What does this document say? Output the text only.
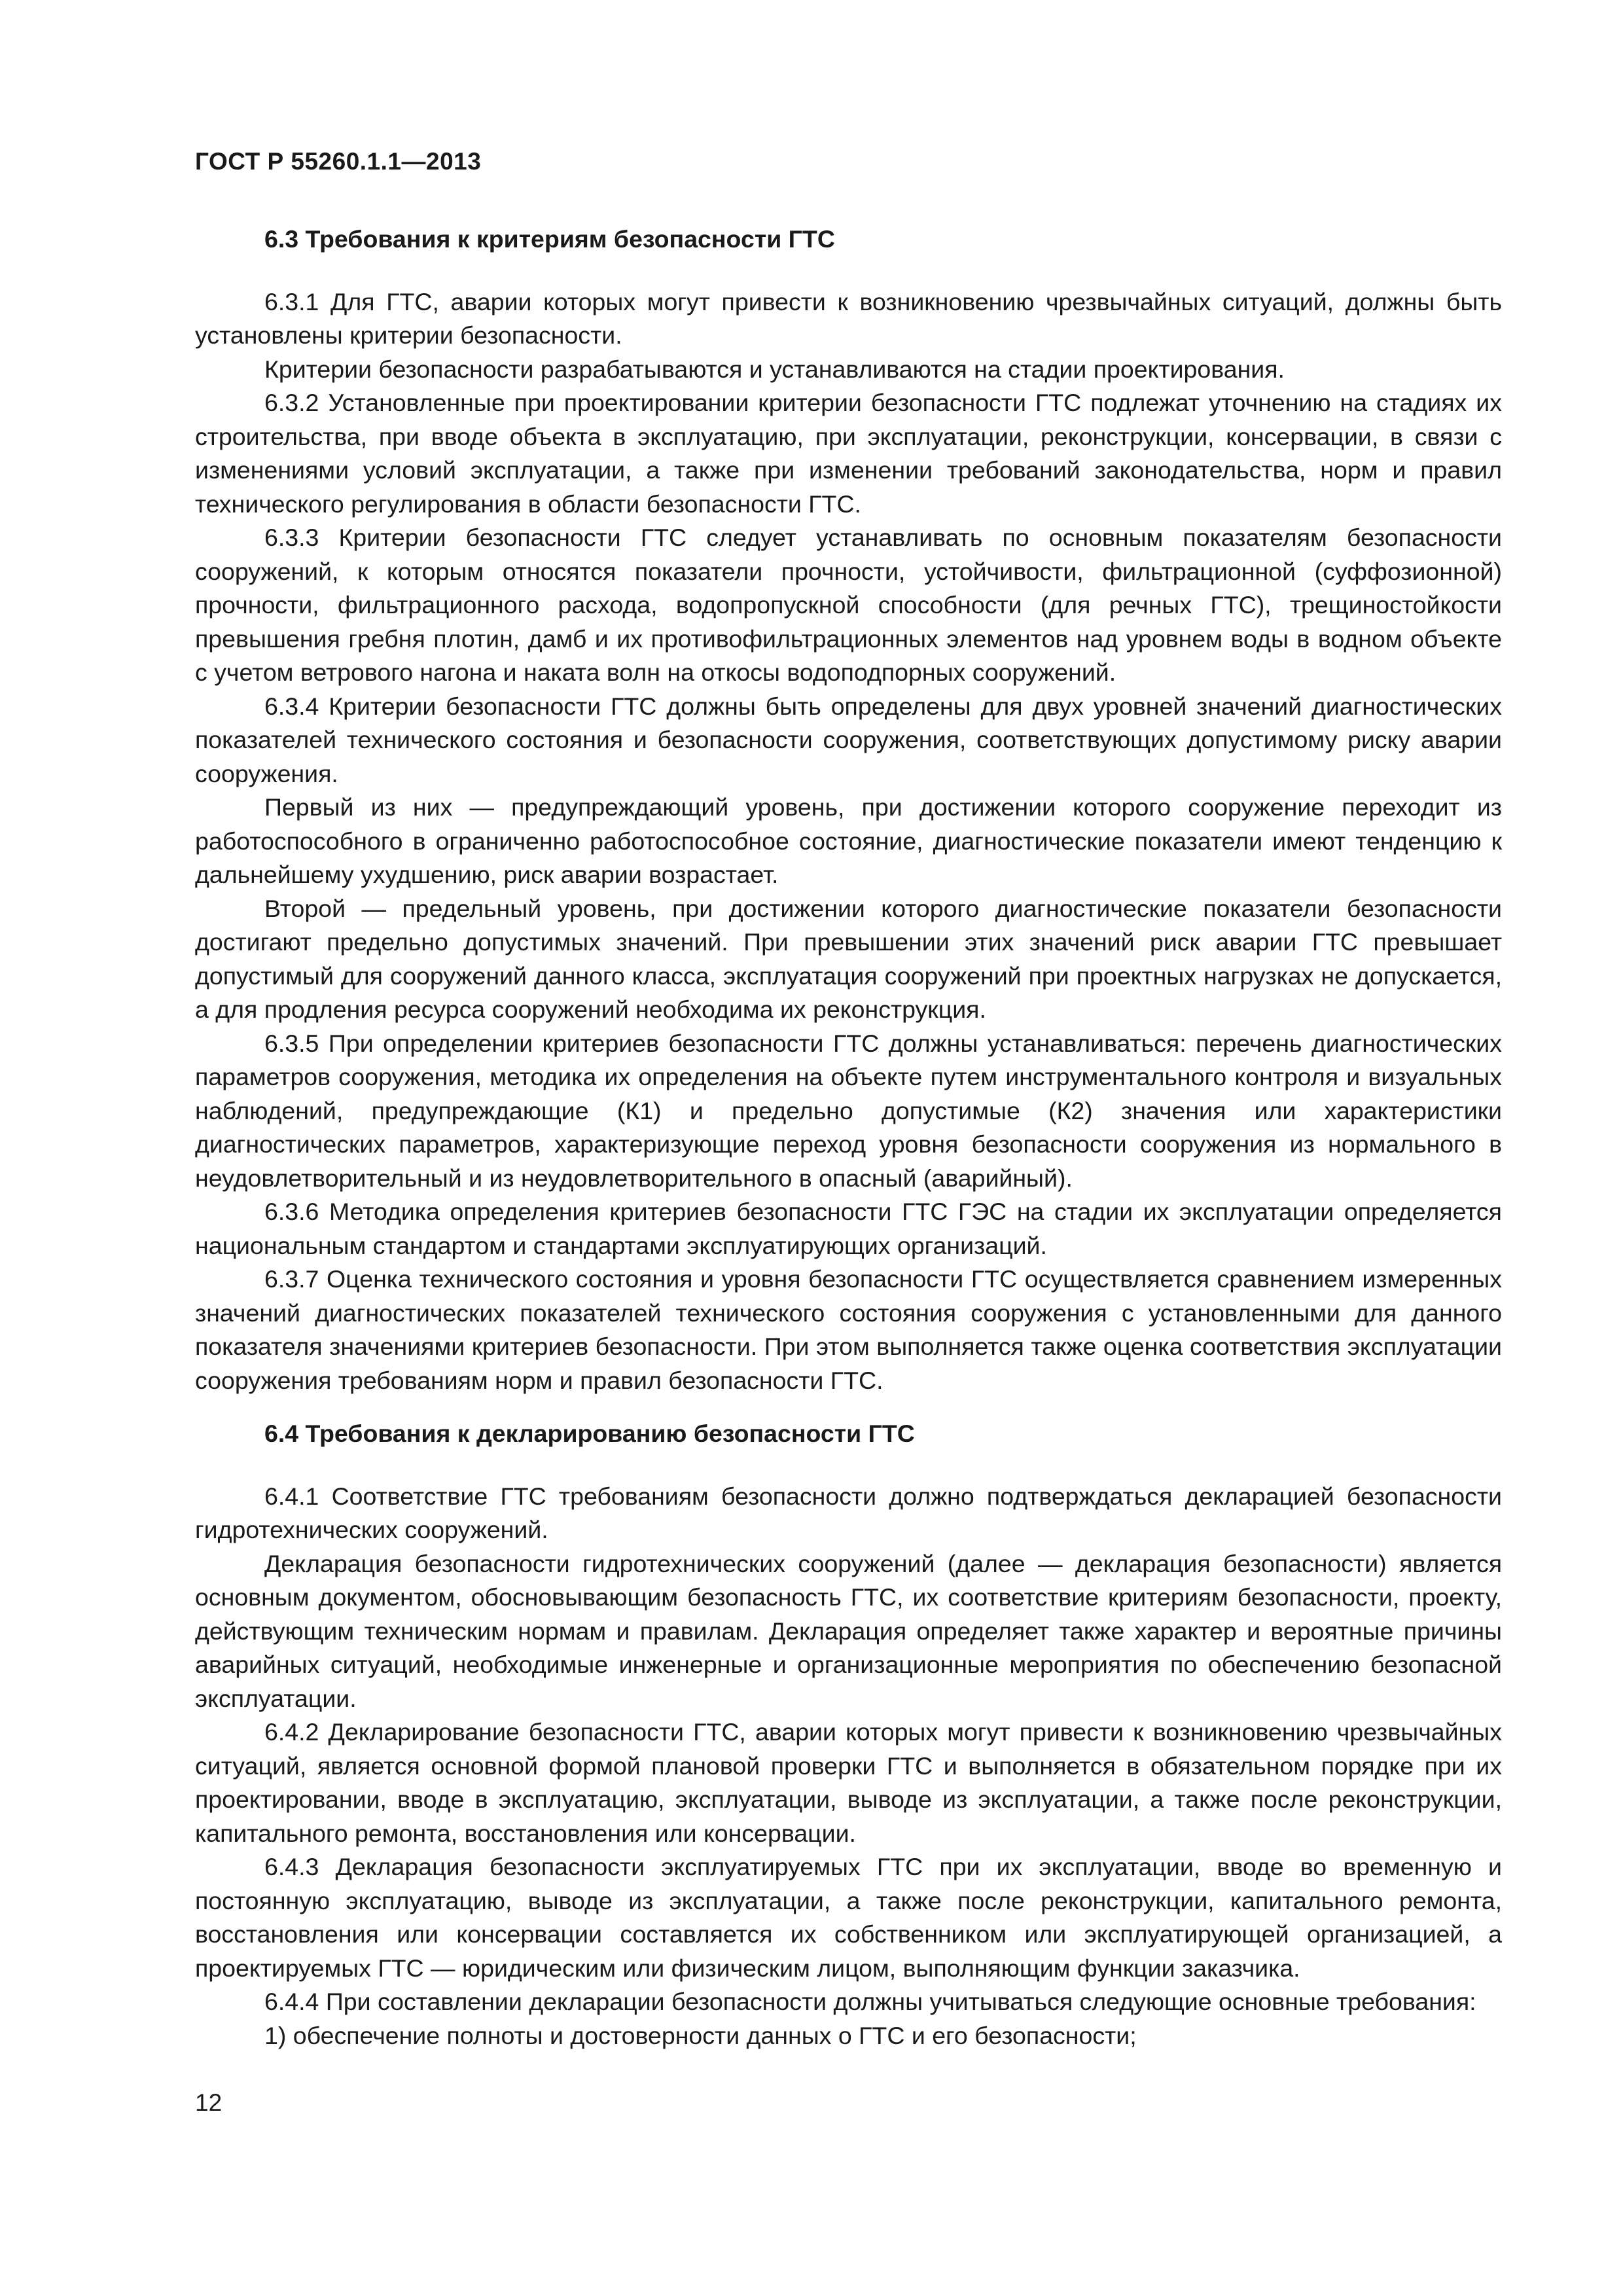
ГОСТ Р 55260.1.1—2013
6.3 Требования к критериям безопасности ГТС

6.3.1 Для ГТС, аварии которых могут привести к возникновению чрезвычайных ситуаций, должны быть установлены критерии безопасности.

Критерии безопасности разрабатываются и устанавливаются на стадии проектирования.

6.3.2 Установленные при проектировании критерии безопасности ГТС подлежат уточнению на стадиях их строительства, при вводе объекта в эксплуатацию, при эксплуатации, реконструкции, консервации, в связи с изменениями условий эксплуатации, а также при изменении требований законодательства, норм и правил технического регулирования в области безопасности ГТС.

6.3.3 Критерии безопасности ГТС следует устанавливать по основным показателям безопасности сооружений, к которым относятся показатели прочности, устойчивости, фильтрационной (суффозионной) прочности, фильтрационного расхода, водопропускной способности (для речных ГТС), трещиностойкости превышения гребня плотин, дамб и их противофильтрационных элементов над уровнем воды в водном объекте с учетом ветрового нагона и наката волн на откосы водоподпорных сооружений.

6.3.4 Критерии безопасности ГТС должны быть определены для двух уровней значений диагностических показателей технического состояния и безопасности сооружения, соответствующих допустимому риску аварии сооружения.

Первый из них — предупреждающий уровень, при достижении которого сооружение переходит из работоспособного в ограниченно работоспособное состояние, диагностические показатели имеют тенденцию к дальнейшему ухудшению, риск аварии возрастает.

Второй — предельный уровень, при достижении которого диагностические показатели безопасности достигают предельно допустимых значений. При превышении этих значений риск аварии ГТС превышает допустимый для сооружений данного класса, эксплуатация сооружений при проектных нагрузках не допускается, а для продления ресурса сооружений необходима их реконструкция.

6.3.5 При определении критериев безопасности ГТС должны устанавливаться: перечень диагностических параметров сооружения, методика их определения на объекте путем инструментального контроля и визуальных наблюдений, предупреждающие (К1) и предельно допустимые (К2) значения или характеристики диагностических параметров, характеризующие переход уровня безопасности сооружения из нормального в неудовлетворительный и из неудовлетворительного в опасный (аварийный).

6.3.6 Методика определения критериев безопасности ГТС ГЭС на стадии их эксплуатации определяется национальным стандартом и стандартами эксплуатирующих организаций.

6.3.7 Оценка технического состояния и уровня безопасности ГТС осуществляется сравнением измеренных значений диагностических показателей технического состояния сооружения с установленными для данного показателя значениями критериев безопасности. При этом выполняется также оценка соответствия эксплуатации сооружения требованиям норм и правил безопасности ГТС.

6.4 Требования к декларированию безопасности ГТС

6.4.1 Соответствие ГТС требованиям безопасности должно подтверждаться декларацией безопасности гидротехнических сооружений.

Декларация безопасности гидротехнических сооружений (далее — декларация безопасности) является основным документом, обосновывающим безопасность ГТС, их соответствие критериям безопасности, проекту, действующим техническим нормам и правилам. Декларация определяет также характер и вероятные причины аварийных ситуаций, необходимые инженерные и организационные мероприятия по обеспечению безопасной эксплуатации.

6.4.2 Декларирование безопасности ГТС, аварии которых могут привести к возникновению чрезвычайных ситуаций, является основной формой плановой проверки ГТС и выполняется в обязательном порядке при их проектировании, вводе в эксплуатацию, эксплуатации, выводе из эксплуатации, а также после реконструкции, капитального ремонта, восстановления или консервации.

6.4.3 Декларация безопасности эксплуатируемых ГТС при их эксплуатации, вводе во временную и постоянную эксплуатацию, выводе из эксплуатации, а также после реконструкции, капитального ремонта, восстановления или консервации составляется их собственником или эксплуатирующей организацией, а проектируемых ГТС — юридическим или физическим лицом, выполняющим функции заказчика.

6.4.4 При составлении декларации безопасности должны учитываться следующие основные требования:

1) обеспечение полноты и достоверности данных о ГТС и его безопасности;

12
